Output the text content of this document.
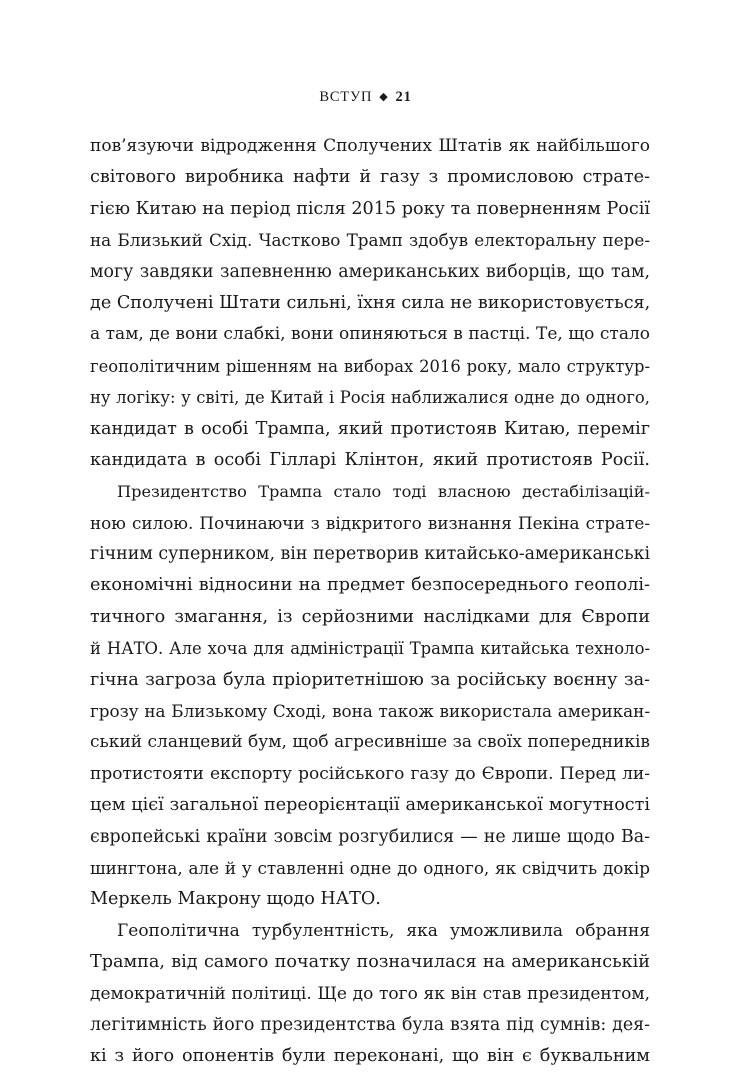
ВСТУП ◆ 21
пов’язуючи відродження Сполучених Штатів як найбільшого
світового виробника нафти й газу з промисловою страте-
гією Китаю на період після 2015 року та поверненням Росії
на Близький Схід. Частково Трамп здобув електоральну пере-
могу завдяки запевненню американських виборців, що там,
де Сполучені Штати сильні, їхня сила не використовується,
а там, де вони слабкі, вони опиняються в пастці. Те, що стало
геополітичним рішенням на виборах 2016 року, мало структур-
ну логіку: у світі, де Китай і Росія наближалися одне до одного,
кандидат в особі Трампа, який протистояв Китаю, переміг
кандидата в особі Гілларі Клінтон, який протистояв Росії.
Президентство Трампа стало тоді власною дестабілізацій-
ною силою. Починаючи з відкритого визнання Пекіна страте-
гічним суперником, він перетворив китайсько-американські
економічні відносини на предмет безпосереднього геополі-
тичного змагання, із серйозними наслідками для Європи
й НАТО. Але хоча для адміністрації Трампа китайська техноло-
гічна загроза була пріоритетнішою за російську воєнну за-
грозу на Близькому Сході, вона також використала американ-
ський сланцевий бум, щоб агресивніше за своїх попередників
протистояти експорту російського газу до Європи. Перед ли-
цем цієї загальної переорієнтації американської могутності
європейські країни зовсім розгубилися — не лише щодо Ва-
шингтона, але й у ставленні одне до одного, як свідчить докір
Меркель Макрону щодо НАТО.
Геополітична турбулентність, яка уможливила обрання
Трампа, від самого початку позначилася на американській
демократичній політиці. Ще до того як він став президентом,
легітимність його президентства була взята під сумнів: дея-
кі з його опонентів були переконані, що він є буквальним
